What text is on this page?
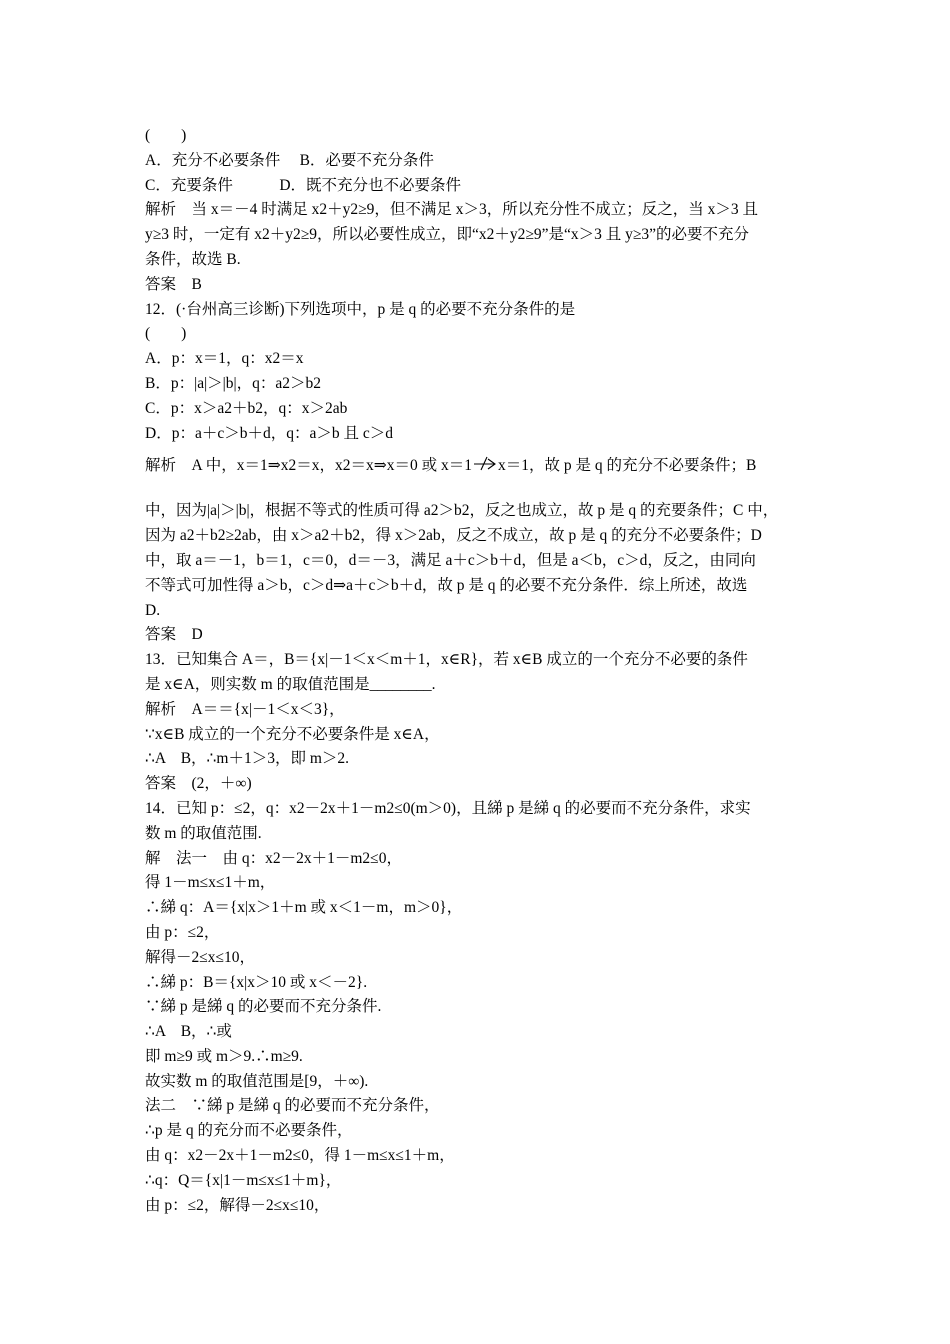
(　　)
A．充分不必要条件　 B．必要不充分条件
C．充要条件　　　D．既不充分也不必要条件
解析　当 x＝－4 时满足 x2＋y2≥9，但不满足 x＞3，所以充分性不成立；反之，当 x＞3 且
y≥3 时，一定有 x2＋y2≥9，所以必要性成立，即“x2＋y2≥9”是“x＞3 且 y≥3”的必要不充分
条件，故选 B.
答案　B
12．(·台州高三诊断)下列选项中，p 是 q 的必要不充分条件的是
(　　)
A．p：x＝1，q：x2＝x
B．p：|a|＞|b|，q：a2＞b2
C．p：x＞a2＋b2，q：x＞2ab
D．p：a＋c＞b＋d，q：a＞b 且 c＞d
解析　A 中，x＝1⇒x2＝x，x2＝x⇒x＝0 或 x＝1 x＝1，故 p 是 q 的充分不必要条件；B
中，因为|a|＞|b|，根据不等式的性质可得 a2＞b2，反之也成立，故 p 是 q 的充要条件；C 中，
因为 a2＋b2≥2ab，由 x＞a2＋b2，得 x＞2ab，反之不成立，故 p 是 q 的充分不必要条件；D
中，取 a＝－1，b＝1，c＝0，d＝－3，满足 a＋c＞b＋d，但是 a＜b，c＞d，反之，由同向
不等式可加性得 a＞b，c＞d⇒a＋c＞b＋d，故 p 是 q 的必要不充分条件．综上所述，故选
D.
答案　D
13．已知集合 A＝，B＝{x|－1＜x＜m＋1，x∈R}，若 x∈B 成立的一个充分不必要的条件
是 x∈A，则实数 m 的取值范围是________.
解析　A＝＝{x|－1＜x＜3}，
∵x∈B 成立的一个充分不必要条件是 x∈A，
∴A　B，∴m＋1＞3，即 m＞2.
答案　(2，＋∞)
14．已知 p：≤2，q：x2－2x＋1－m2≤0(m＞0)，且綈 p 是綈 q 的必要而不充分条件，求实
数 m 的取值范围.
解　法一　由 q：x2－2x＋1－m2≤0，
得 1－m≤x≤1＋m，
∴綈 q：A＝{x|x＞1＋m 或 x＜1－m，m＞0}，
由 p：≤2，
解得－2≤x≤10，
∴綈 p：B＝{x|x＞10 或 x＜－2}.
∵綈 p 是綈 q 的必要而不充分条件.
∴A　B，∴或
即 m≥9 或 m＞9.∴m≥9.
故实数 m 的取值范围是[9，＋∞).
法二　∵綈 p 是綈 q 的必要而不充分条件，
∴p 是 q 的充分而不必要条件，
由 q：x2－2x＋1－m2≤0，得 1－m≤x≤1＋m，
∴q：Q＝{x|1－m≤x≤1＋m}，
由 p：≤2，解得－2≤x≤10，
